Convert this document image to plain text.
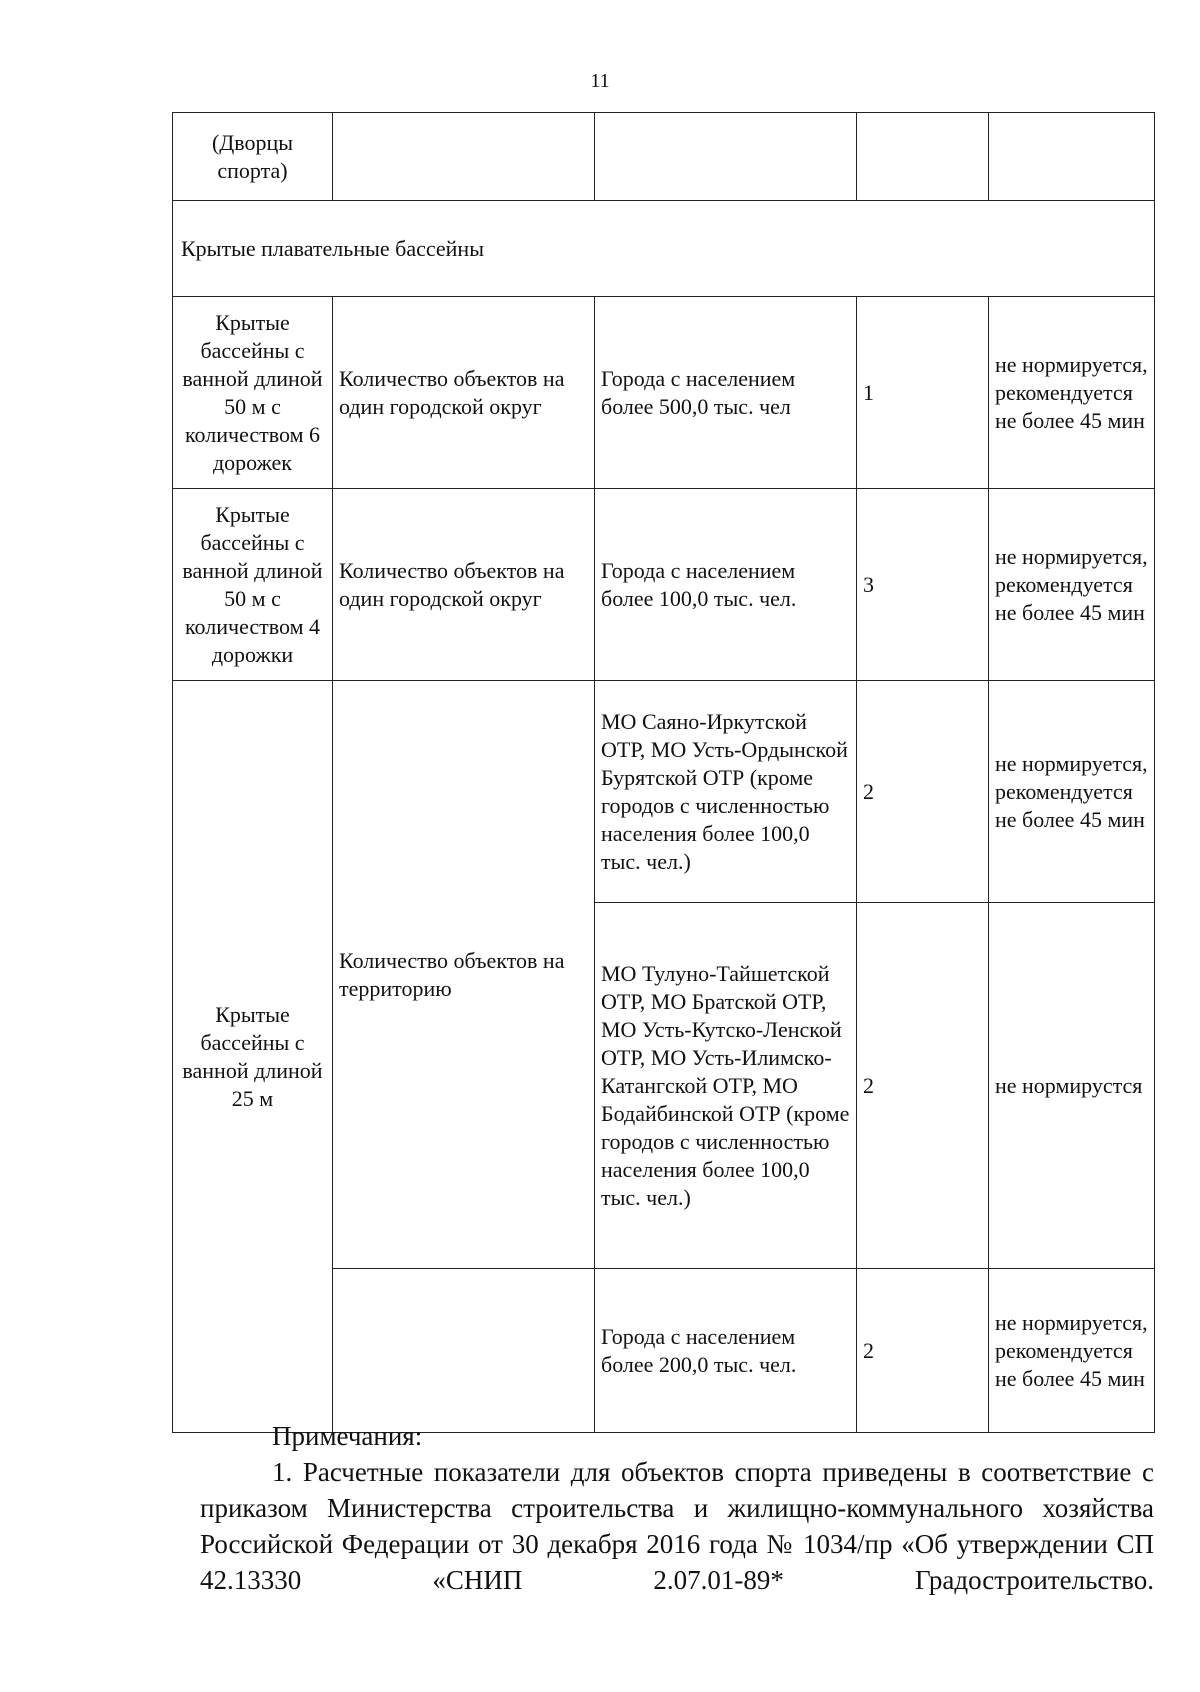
11
(Дворцы спорта)				
Крытые плавательные бассейны				
Крытые бассейны с ванной длиной 50 м с количеством 6 дорожек	Количество объектов на один городской округ	Города с населением более 500,0 тыс. чел	1	не нормируется, рекомендуется не более 45 мин
Крытые бассейны с ванной длиной 50 м с количеством 4 дорожки	Количество объектов на один городской округ	Города с населением более 100,0 тыс. чел.	3	не нормируется, рекомендуется не более 45 мин
Крытые бассейны с ванной длиной 25 м	Количество объектов на территорию	МО Саяно-Иркутской ОТР, МО Усть-Ордынской Бурятской ОТР (кроме городов с численностью населения более 100,0 тыс. чел.)	2	не нормируется, рекомендуется не более 45 мин
		МО Тулуно-Тайшетской ОТР, МО Братской ОТР, МО Усть-Кутско-Ленской ОТР, МО Усть-Илимско-Катангской ОТР, МО Бодайбинской ОТР (кроме городов с численностью населения более 100,0 тыс. чел.)	2	не нормирустся
		Города с населением более 200,0 тыс. чел.	2	не нормируется, рекомендуется не более 45 мин
Примечания:

1. Расчетные показатели для объектов спорта приведены в соответствие с приказом Министерства строительства и жилищно-коммунального хозяйства Российской Федерации от 30 декабря 2016 года № 1034/пр «Об утверждении СП 42.13330 «СНИП 2.07.01-89* Градостроительство.
